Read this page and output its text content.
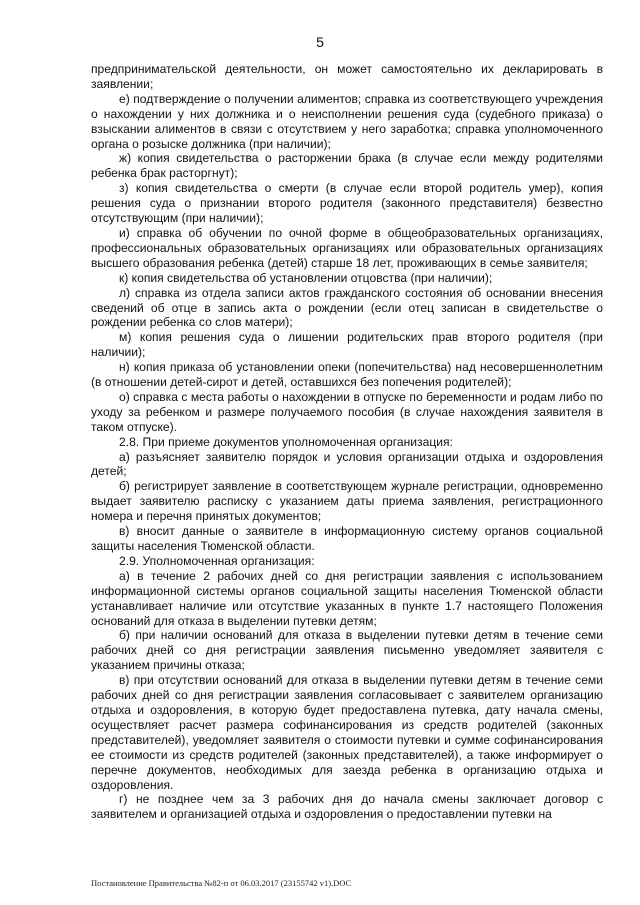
5

предпринимательской деятельности, он может самостоятельно их декларировать в заявлении;

е) подтверждение о получении алиментов; справка из соответствующего учреждения о нахождении у них должника и о неисполнении решения суда (судебного приказа) о взыскании алиментов в связи с отсутствием у него заработка; справка уполномоченного органа о розыске должника (при наличии);

ж) копия свидетельства о расторжении брака (в случае если между родителями ребенка брак расторгнут);

з) копия свидетельства о смерти (в случае если второй родитель умер), копия решения суда о признании второго родителя (законного представителя) безвестно отсутствующим (при наличии);

и) справка об обучении по очной форме в общеобразовательных организациях, профессиональных образовательных организациях или образовательных организациях высшего образования ребенка (детей) старше 18 лет, проживающих в семье заявителя;

к) копия свидетельства об установлении отцовства (при наличии);

л) справка из отдела записи актов гражданского состояния об основании внесения сведений об отце в запись акта о рождении (если отец записан в свидетельстве о рождении ребенка со слов матери);

м) копия решения суда о лишении родительских прав второго родителя (при наличии);

н) копия приказа об установлении опеки (попечительства) над несовершеннолетним (в отношении детей-сирот и детей, оставшихся без попечения родителей);

о) справка с места работы о нахождении в отпуске по беременности и родам либо по уходу за ребенком и размере получаемого пособия (в случае нахождения заявителя в таком отпуске).

2.8. При приеме документов уполномоченная организация:

а) разъясняет заявителю порядок и условия организации отдыха и оздоровления детей;

б) регистрирует заявление в соответствующем журнале регистрации, одновременно выдает заявителю расписку с указанием даты приема заявления, регистрационного номера и перечня принятых документов;

в) вносит данные о заявителе в информационную систему органов социальной защиты населения Тюменской области.

2.9. Уполномоченная организация:

а) в течение 2 рабочих дней со дня регистрации заявления с использованием информационной системы органов социальной защиты населения Тюменской области устанавливает наличие или отсутствие указанных в пункте 1.7 настоящего Положения оснований для отказа в выделении путевки детям;

б) при наличии оснований для отказа в выделении путевки детям в течение семи рабочих дней со дня регистрации заявления письменно уведомляет заявителя с указанием причины отказа;

в) при отсутствии оснований для отказа в выделении путевки детям в течение семи рабочих дней со дня регистрации заявления согласовывает с заявителем организацию отдыха и оздоровления, в которую будет предоставлена путевка, дату начала смены, осуществляет расчет размера софинансирования из средств родителей (законных представителей), уведомляет заявителя о стоимости путевки и сумме софинансирования ее стоимости из средств родителей (законных представителей), а также информирует о перечне документов, необходимых для заезда ребенка в организацию отдыха и оздоровления.

г) не позднее чем за 3 рабочих дня до начала смены заключает договор с заявителем и организацией отдыха и оздоровления о предоставлении путевки на

Постановление Правительства №82-п от 06.03.2017 (23155742 v1).DOC
